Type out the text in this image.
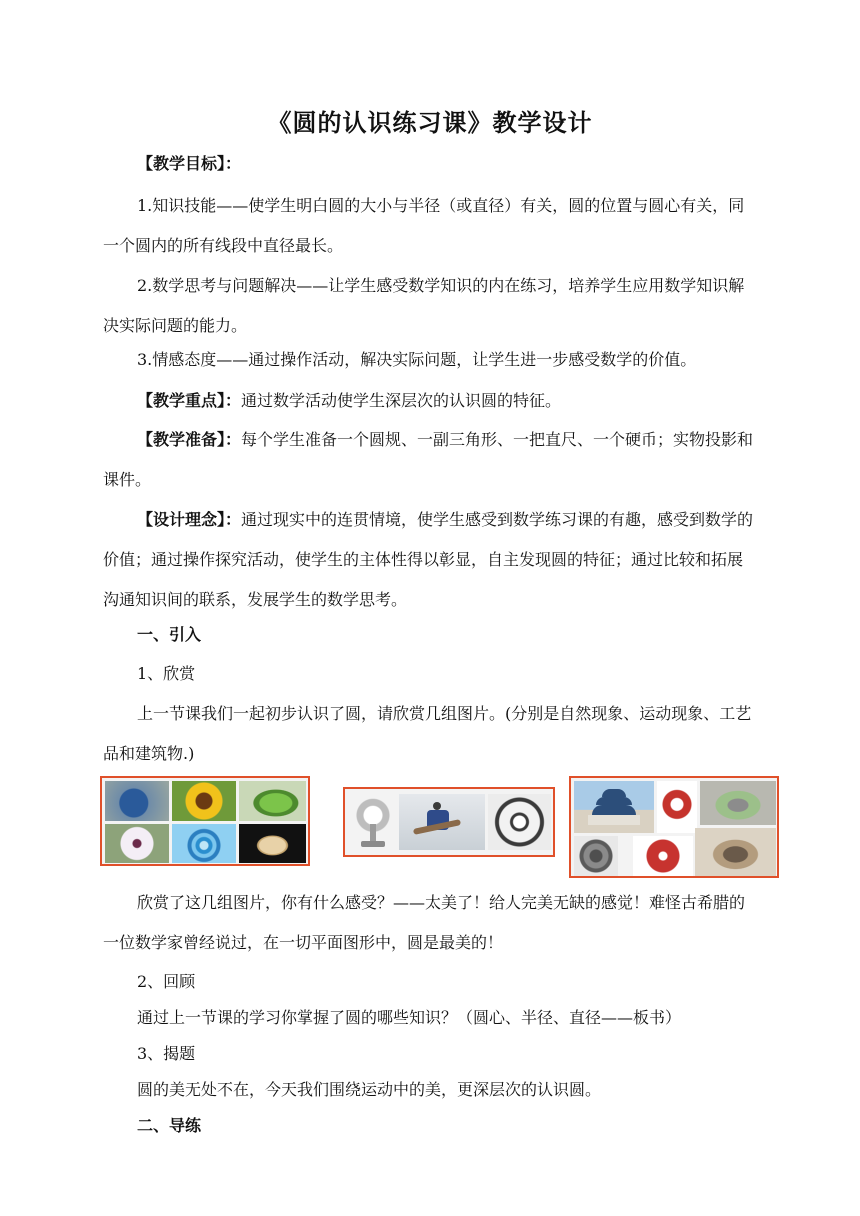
《圆的认识练习课》教学设计
【教学目标】：
1.知识技能——使学生明白圆的大小与半径（或直径）有关，圆的位置与圆心有关，同一个圆内的所有线段中直径最长。
2.数学思考与问题解决——让学生感受数学知识的内在练习，培养学生应用数学知识解决实际问题的能力。
3.情感态度——通过操作活动，解决实际问题，让学生进一步感受数学的价值。
【教学重点】：通过数学活动使学生深层次的认识圆的特征。
【教学准备】：每个学生准备一个圆规、一副三角形、一把直尺、一个硬币；实物投影和课件。
【设计理念】：通过现实中的连贯情境，使学生感受到数学练习课的有趣，感受到数学的价值；通过操作探究活动，使学生的主体性得以彰显，自主发现圆的特征；通过比较和拓展沟通知识间的联系，发展学生的数学思考。
一、引入
1、欣赏
上一节课我们一起初步认识了圆，请欣赏几组图片。(分别是自然现象、运动现象、工艺品和建筑物.)
欣赏了这几组图片，你有什么感受？——太美了！给人完美无缺的感觉！难怪古希腊的一位数学家曾经说过，在一切平面图形中，圆是最美的！
2、回顾
通过上一节课的学习你掌握了圆的哪些知识？（圆心、半径、直径——板书）
3、揭题
圆的美无处不在，今天我们围绕运动中的美，更深层次的认识圆。
二、导练
